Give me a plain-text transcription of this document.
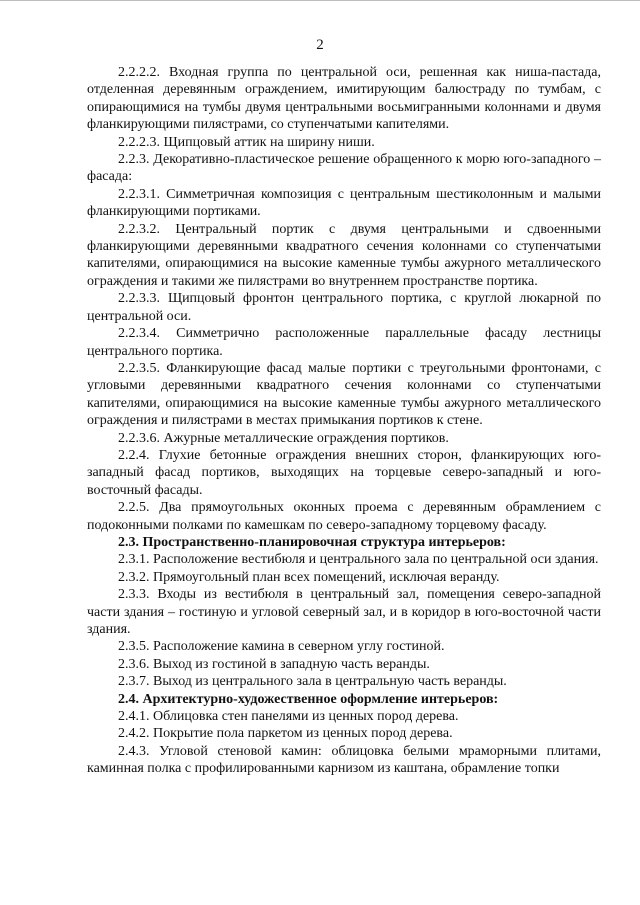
2

2.2.2.2. Входная группа по центральной оси, решенная как ниша-пастада, отделенная деревянным ограждением, имитирующим балюстраду по тумбам, с опирающимися на тумбы двумя центральными восьмигранными колоннами и двумя фланкирующими пилястрами, со ступенчатыми капителями.

2.2.2.3. Щипцовый аттик на ширину ниши.

2.2.3. Декоративно-пластическое решение обращенного к морю юго-западного – фасада:

2.2.3.1. Симметричная композиция с центральным шестиколонным и малыми фланкирующими портиками.

2.2.3.2. Центральный портик с двумя центральными и сдвоенными фланкирующими деревянными квадратного сечения колоннами со ступенчатыми капителями, опирающимися на высокие каменные тумбы ажурного металлического ограждения и такими же пилястрами во внутреннем пространстве портика.

2.2.3.3. Щипцовый фронтон центрального портика, с круглой люкарной по центральной оси.

2.2.3.4. Симметрично расположенные параллельные фасаду лестницы центрального портика.

2.2.3.5. Фланкирующие фасад малые портики с треугольными фронтонами, с угловыми деревянными квадратного сечения колоннами со ступенчатыми капителями, опирающимися на высокие каменные тумбы ажурного металлического ограждения и пилястрами в местах примыкания портиков к стене.

2.2.3.6. Ажурные металлические ограждения портиков.

2.2.4. Глухие бетонные ограждения внешних сторон, фланкирующих юго-западный фасад портиков, выходящих на торцевые северо-западный и юго-восточный фасады.

2.2.5. Два прямоугольных оконных проема с деревянным обрамлением с подоконными полками по камешкам по северо-западному торцевому фасаду.

2.3. Пространственно-планировочная структура интерьеров:

2.3.1. Расположение вестибюля и центрального зала по центральной оси здания.

2.3.2. Прямоугольный план всех помещений, исключая веранду.

2.3.3. Входы из вестибюля в центральный зал, помещения северо-западной части здания – гостиную и угловой северный зал, и в коридор в юго-восточной части здания.

2.3.5. Расположение камина в северном углу гостиной.

2.3.6. Выход из гостиной в западную часть веранды.

2.3.7. Выход из центрального зала в центральную часть веранды.

2.4. Архитектурно-художественное оформление интерьеров:

2.4.1. Облицовка стен панелями из ценных пород дерева.

2.4.2. Покрытие пола паркетом из ценных пород дерева.

2.4.3. Угловой стеновой камин: облицовка белыми мраморными плитами, каминная полка с профилированными карнизом из каштана, обрамление топки
